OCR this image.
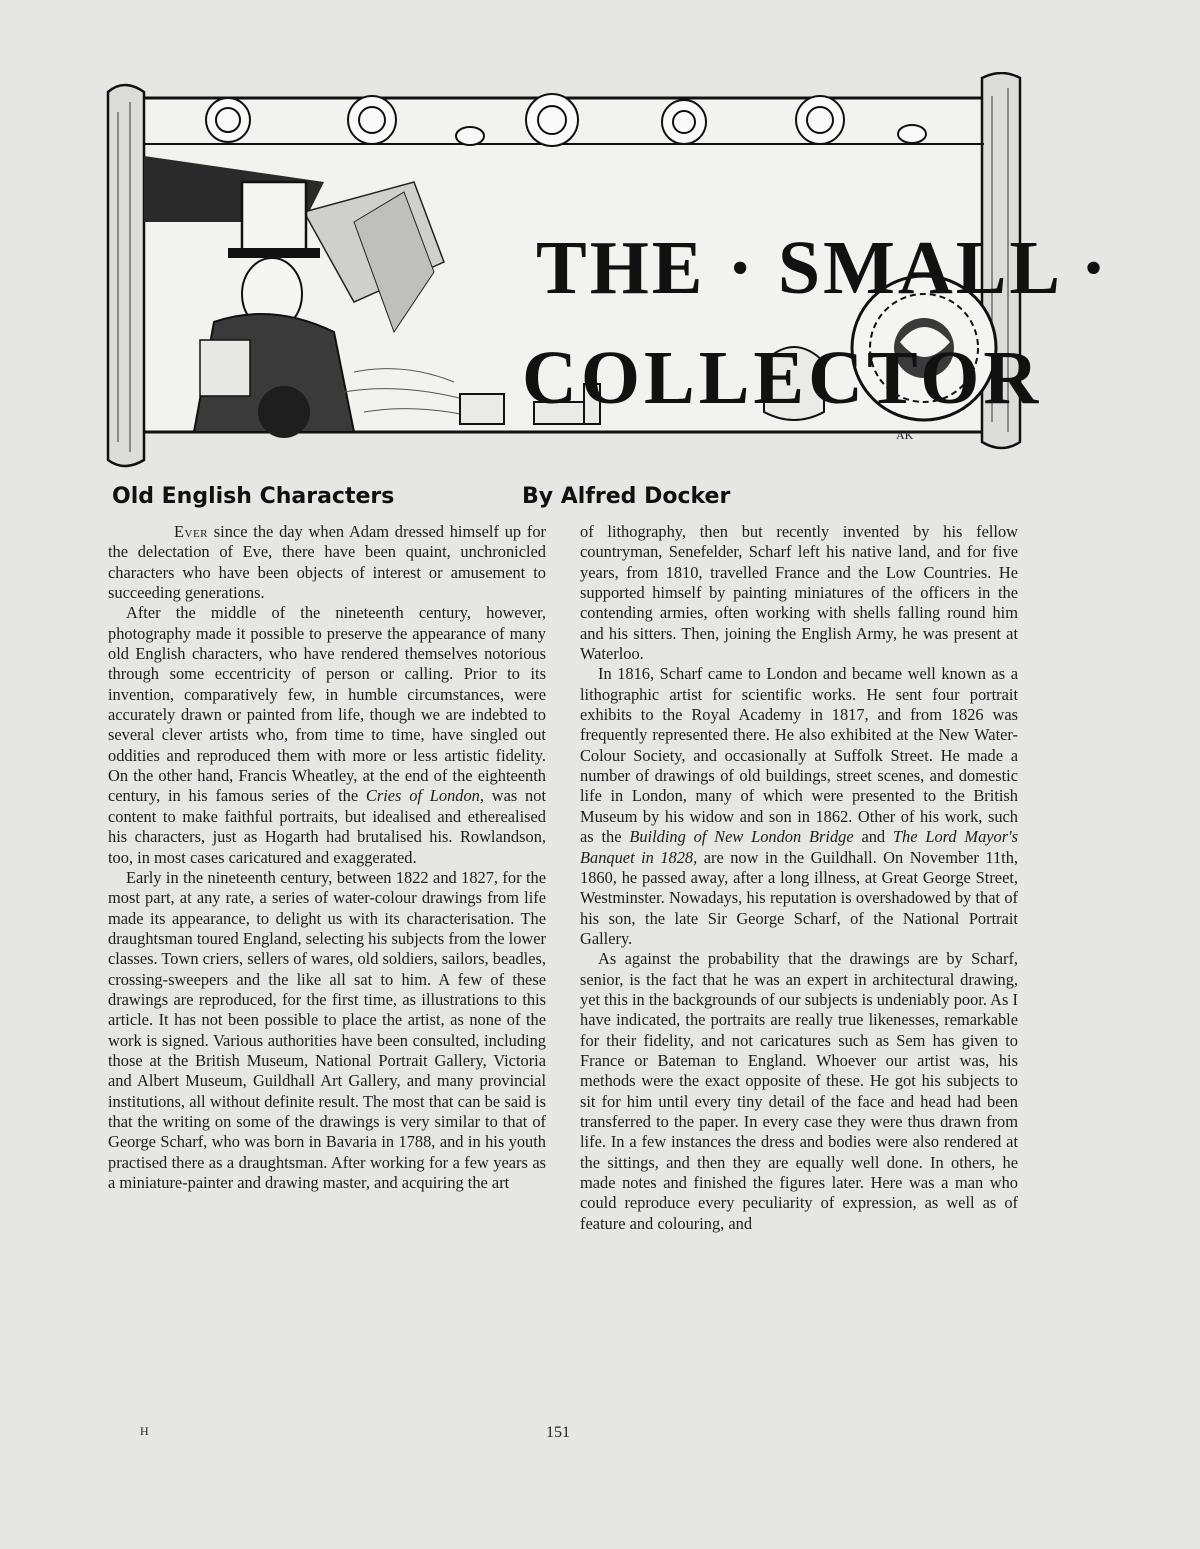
THE · SMALL ·
COLLECTOR
AK
Old English Characters	By Alfred Docker

Ever since the day when Adam dressed himself up for the delectation of Eve, there have been quaint, unchronicled characters who have been objects of interest or amusement to succeeding generations.

After the middle of the nineteenth century, however, photography made it possible to preserve the appearance of many old English characters, who have rendered themselves notorious through some eccentricity of person or calling. Prior to its invention, comparatively few, in humble circumstances, were accurately drawn or painted from life, though we are indebted to several clever artists who, from time to time, have singled out oddities and reproduced them with more or less artistic fidelity. On the other hand, Francis Wheatley, at the end of the eighteenth century, in his famous series of the Cries of London, was not content to make faithful portraits, but idealised and etherealised his characters, just as Hogarth had brutalised his. Rowlandson, too, in most cases caricatured and exaggerated.

Early in the nineteenth century, between 1822 and 1827, for the most part, at any rate, a series of water-colour drawings from life made its appearance, to delight us with its characterisation. The draughtsman toured England, selecting his subjects from the lower classes. Town criers, sellers of wares, old soldiers, sailors, beadles, crossing-sweepers and the like all sat to him. A few of these drawings are reproduced, for the first time, as illustrations to this article. It has not been possible to place the artist, as none of the work is signed. Various authorities have been consulted, including those at the British Museum, National Portrait Gallery, Victoria and Albert Museum, Guildhall Art Gallery, and many provincial institutions, all without definite result. The most that can be said is that the writing on some of the drawings is very similar to that of George Scharf, who was born in Bavaria in 1788, and in his youth practised there as a draughtsman. After working for a few years as a miniature-painter and drawing master, and acquiring the art

of lithography, then but recently invented by his fellow countryman, Senefelder, Scharf left his native land, and for five years, from 1810, travelled France and the Low Countries. He supported himself by painting miniatures of the officers in the contending armies, often working with shells falling round him and his sitters. Then, joining the English Army, he was present at Waterloo.

In 1816, Scharf came to London and became well known as a lithographic artist for scientific works. He sent four portrait exhibits to the Royal Academy in 1817, and from 1826 was frequently represented there. He also exhibited at the New Water-Colour Society, and occasionally at Suffolk Street. He made a number of drawings of old buildings, street scenes, and domestic life in London, many of which were presented to the British Museum by his widow and son in 1862. Other of his work, such as the Building of New London Bridge and The Lord Mayor's Banquet in 1828, are now in the Guildhall. On November 11th, 1860, he passed away, after a long illness, at Great George Street, Westminster. Nowadays, his reputation is overshadowed by that of his son, the late Sir George Scharf, of the National Portrait Gallery.

As against the probability that the drawings are by Scharf, senior, is the fact that he was an expert in architectural drawing, yet this in the backgrounds of our subjects is undeniably poor. As I have indicated, the portraits are really true likenesses, remarkable for their fidelity, and not caricatures such as Sem has given to France or Bateman to England. Whoever our artist was, his methods were the exact opposite of these. He got his subjects to sit for him until every tiny detail of the face and head had been transferred to the paper. In every case they were thus drawn from life. In a few instances the dress and bodies were also rendered at the sittings, and then they are equally well done. In others, he made notes and finished the figures later. Here was a man who could reproduce every peculiarity of expression, as well as of feature and colouring, and

H	151
